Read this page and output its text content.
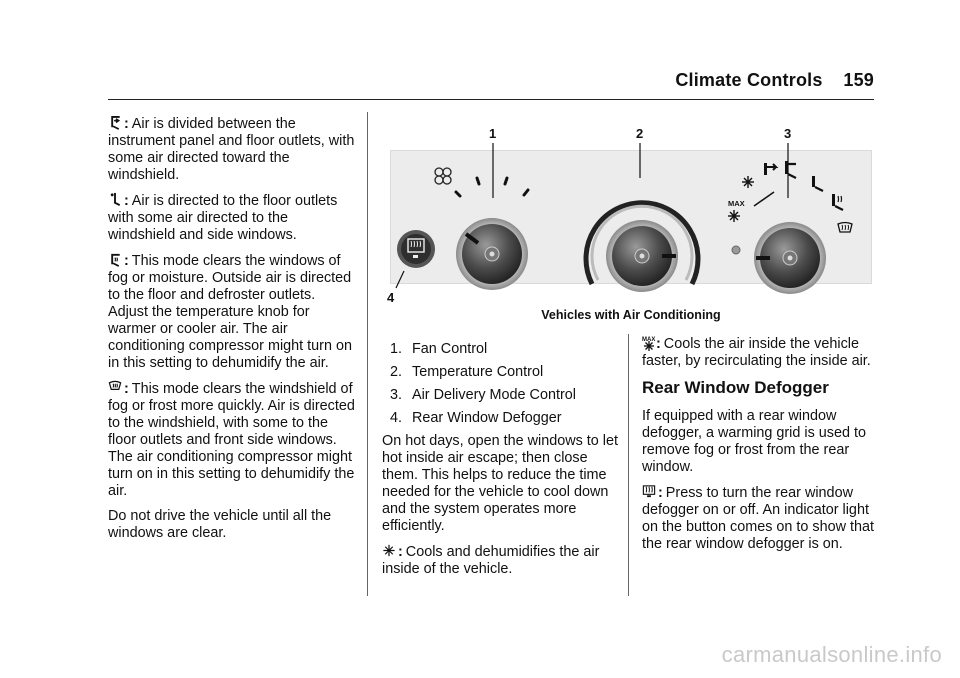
Climate Controls 159

: Air is divided between the instrument panel and floor outlets, with some air directed toward the windshield.

: Air is directed to the floor outlets with some air directed to the windshield and side windows.

: This mode clears the windows of fog or moisture. Outside air is directed to the floor and defroster outlets. Adjust the temperature knob for warmer or cooler air. The air conditioning compressor might turn on in this setting to dehumidify the air.

: This mode clears the windshield of fog or frost more quickly. Air is directed to the windshield, with some to the floor outlets and front side windows. The air conditioning compressor might turn on in this setting to dehumidify the air.

Do not drive the vehicle until all the windows are clear.

1	2	3
4
MAX
Vehicles with Air Conditioning
1. Fan Control
2. Temperature Control
3. Air Delivery Mode Control
4. Rear Window Defogger

On hot days, open the windows to let hot inside air escape; then close them. This helps to reduce the time needed for the vehicle to cool down and the system operates more efficiently.

: Cools and dehumidifies the air inside of the vehicle.

MAX : Cools the air inside the vehicle faster, by recirculating the inside air.

Rear Window Defogger

If equipped with a rear window defogger, a warming grid is used to remove fog or frost from the rear window.

: Press to turn the rear window defogger on or off. An indicator light on the button comes on to show that the rear window defogger is on.

carmanualsonline.info
